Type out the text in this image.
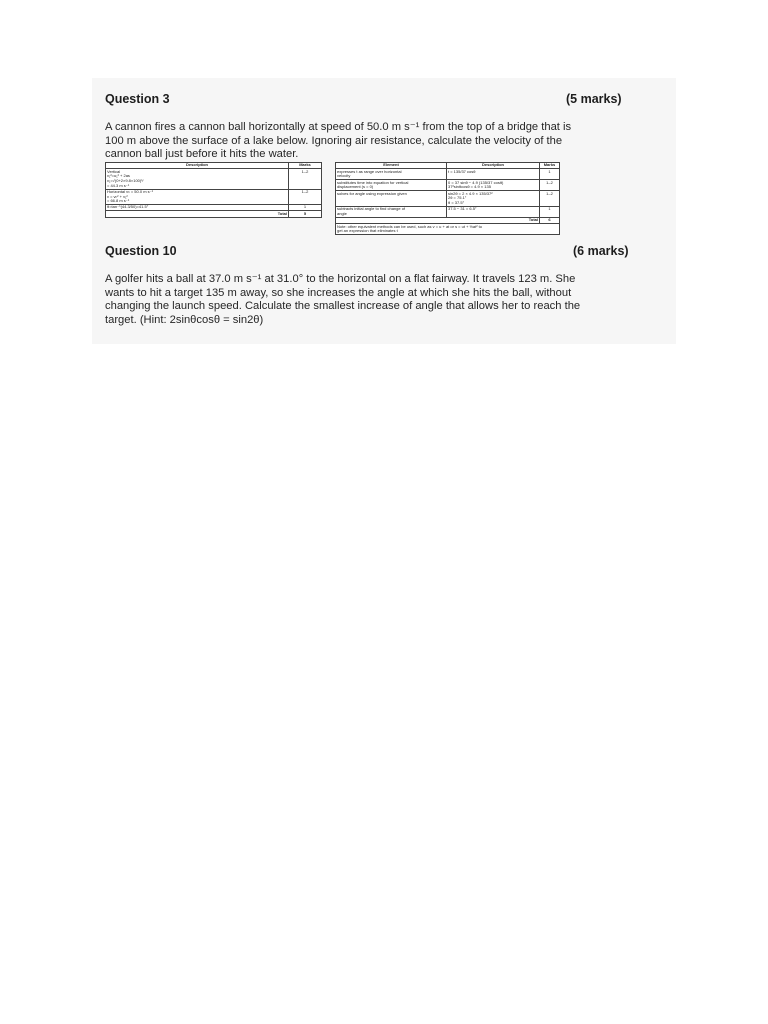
Question 3	(5 marks)
A cannon fires a cannon ball horizontally at speed of 50.0 m s⁻¹ from the top of a bridge that is
100 m above the surface of a lake below. Ignoring air resistance, calculate the velocity of the
cannon ball just before it hits the water.
Description	Marks

Vertical
v₁²=u₁² + 2as
v₁=√(0+2×9.8×100)¹⁄
= 44.3 m s⁻¹	1–2

Horizontal vₕ = 50.0 m s⁻¹
v = vₕ² + v₁²
= 66.8 m s⁻¹	1–2

θ=tan⁻¹(44.3/50)=41.5°	1
Total	5
Element	Description	Marks

expresses t as range over horizontal
velocity	t = 135/37 cosθ	1

substitutes time into equation for vertical
displacement (s = 0)	0 = 37 sinθ − 4.9 (135/37 cosθ)
37²sinθcosθ = 4.9 × 135	1–2

solves for angle using expression given	sin2θ = 2 × 4.9 × 135/37²
2θ = 75.1°
θ = 37.5°	1–2

subtracts initial angle to find change of
angle	37.5 − 31 = 6.5°	1
Total		6

Note: other equivalent methods can be used, such as v = u + at or s = ut + ½at² to
get an expression that eliminates t		
Question 10	(6 marks)
A golfer hits a ball at 37.0 m s⁻¹ at 31.0° to the horizontal on a flat fairway. It travels 123 m. She
wants to hit a target 135 m away, so she increases the angle at which she hits the ball, without
changing the launch speed. Calculate the smallest increase of angle that allows her to reach the
target. (Hint: 2sinθcosθ = sin2θ)
